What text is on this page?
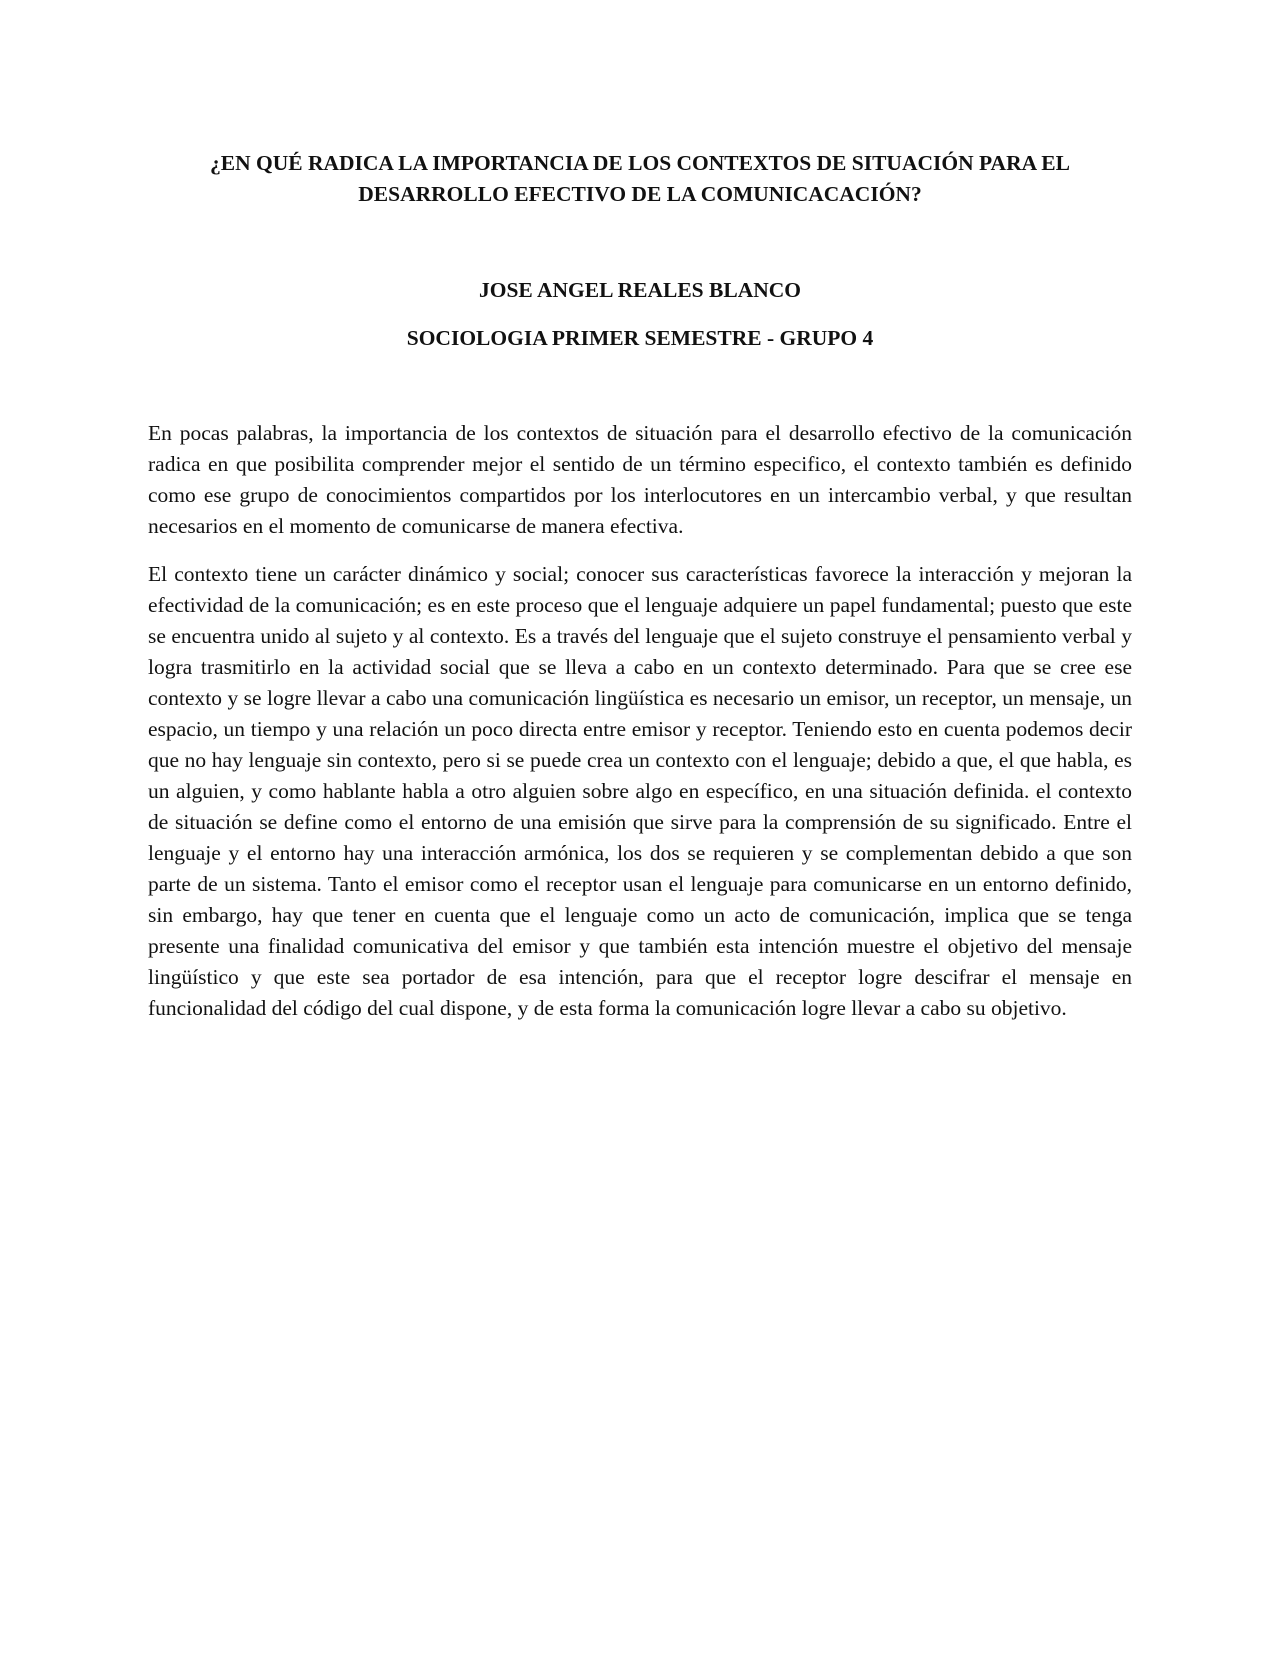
¿EN QUÉ RADICA LA IMPORTANCIA DE LOS CONTEXTOS DE SITUACIÓN PARA EL DESARROLLO EFECTIVO DE LA COMUNICACACIÓN?

JOSE ANGEL REALES BLANCO

SOCIOLOGIA PRIMER SEMESTRE - GRUPO 4

En pocas palabras, la importancia de los contextos de situación para el desarrollo efectivo de la comunicación radica en que posibilita comprender mejor el sentido de un término especifico, el contexto también es definido como ese grupo de conocimientos compartidos por los interlocutores en un intercambio verbal, y que resultan necesarios en el momento de comunicarse de manera efectiva.

El contexto tiene un carácter dinámico y social; conocer sus características favorece la interacción y mejoran la efectividad de la comunicación; es en este proceso que el lenguaje adquiere un papel fundamental; puesto que este se encuentra unido al sujeto y al contexto. Es a través del lenguaje que el sujeto construye el pensamiento verbal y logra trasmitirlo en la actividad social que se lleva a cabo en un contexto determinado. Para que se cree ese contexto y se logre llevar a cabo una comunicación lingüística es necesario un emisor, un receptor, un mensaje, un espacio, un tiempo y una relación un poco directa entre emisor y receptor. Teniendo esto en cuenta podemos decir que no hay lenguaje sin contexto, pero si se puede crea un contexto con el lenguaje; debido a que, el que habla, es un alguien, y como hablante habla a otro alguien sobre algo en específico, en una situación definida. el contexto de situación se define como el entorno de una emisión que sirve para la comprensión de su significado. Entre el lenguaje y el entorno hay una interacción armónica, los dos se requieren y se complementan debido a que son parte de un sistema. Tanto el emisor como el receptor usan el lenguaje para comunicarse en un entorno definido, sin embargo, hay que tener en cuenta que el lenguaje como un acto de comunicación, implica que se tenga presente una finalidad comunicativa del emisor y que también esta intención muestre el objetivo del mensaje lingüístico y que este sea portador de esa intención, para que el receptor logre descifrar el mensaje en funcionalidad del código del cual dispone, y de esta forma la comunicación logre llevar a cabo su objetivo.
